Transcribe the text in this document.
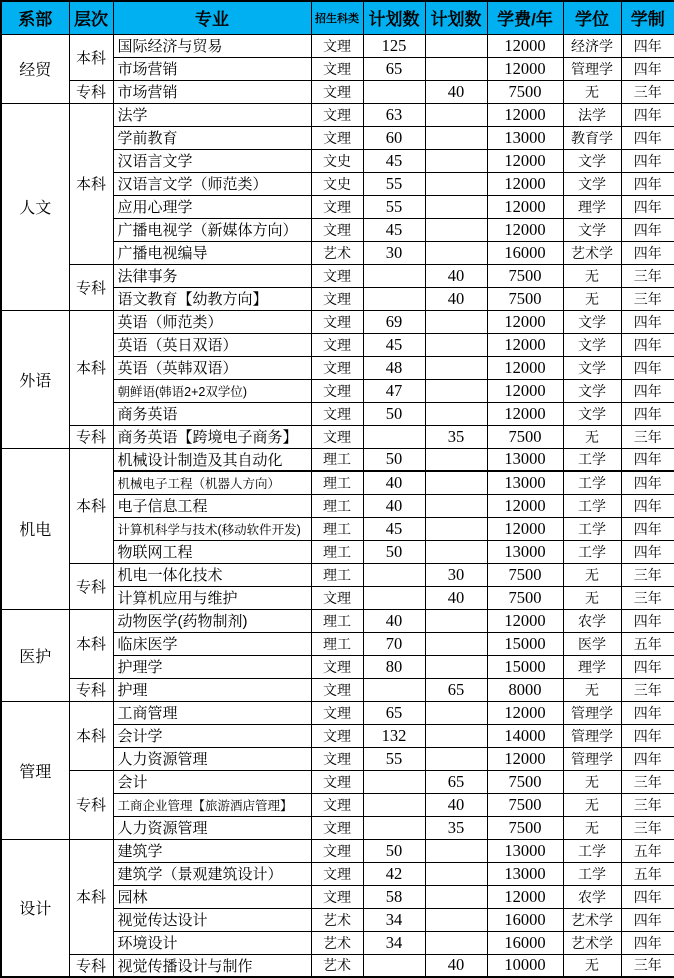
系部	层次	专业	招生科类	计划数	计划数	学费/年	学位	学制
经贸	本科	国际经济与贸易	文理	125		12000	经济学	四年
		市场营销	文理	65		12000	管理学	四年
	专科	市场营销	文理		40	7500	无	三年
人文	本科	法学	文理	63		12000	法学	四年
		学前教育	文理	60		13000	教育学	四年
		汉语言文学	文史	45		12000	文学	四年
		汉语言文学（师范类）	文史	55		12000	文学	四年
		应用心理学	文理	55		12000	理学	四年
		广播电视学（新媒体方向）	文理	45		12000	文学	四年
		广播电视编导	艺术	30		16000	艺术学	四年
	专科	法律事务	文理		40	7500	无	三年
		语文教育【幼教方向】	文理		40	7500	无	三年
外语	本科	英语（师范类）	文理	69		12000	文学	四年
		英语（英日双语）	文理	45		12000	文学	四年
		英语（英韩双语）	文理	48		12000	文学	四年
		朝鲜语(韩语2+2双学位)	文理	47		12000	文学	四年
		商务英语	文理	50		12000	文学	四年
	专科	商务英语【跨境电子商务】	文理		35	7500	无	三年
机电	本科	机械设计制造及其自动化	理工	50		13000	工学	四年
		机械电子工程（机器人方向）	理工	40		13000	工学	四年
		电子信息工程	理工	40		12000	工学	四年
		计算机科学与技术(移动软件开发)	理工	45		12000	工学	四年
		物联网工程	理工	50		13000	工学	四年
	专科	机电一体化技术	理工		30	7500	无	三年
		计算机应用与维护	文理		40	7500	无	三年
医护	本科	动物医学(药物制剂)	理工	40		12000	农学	四年
		临床医学	理工	70		15000	医学	五年
		护理学	文理	80		15000	理学	四年
	专科	护理	文理		65	8000	无	三年
管理	本科	工商管理	文理	65		12000	管理学	四年
		会计学	文理	132		14000	管理学	四年
		人力资源管理	文理	55		12000	管理学	四年
	专科	会计	文理		65	7500	无	三年
		工商企业管理【旅游酒店管理】	文理		40	7500	无	三年
		人力资源管理	文理		35	7500	无	三年
设计	本科	建筑学	文理	50		13000	工学	五年
		建筑学（景观建筑设计）	文理	42		13000	工学	五年
		园林	文理	58		12000	农学	四年
		视觉传达设计	艺术	34		16000	艺术学	四年
		环境设计	艺术	34		16000	艺术学	四年
	专科	视觉传播设计与制作	艺术		40	10000	无	三年
